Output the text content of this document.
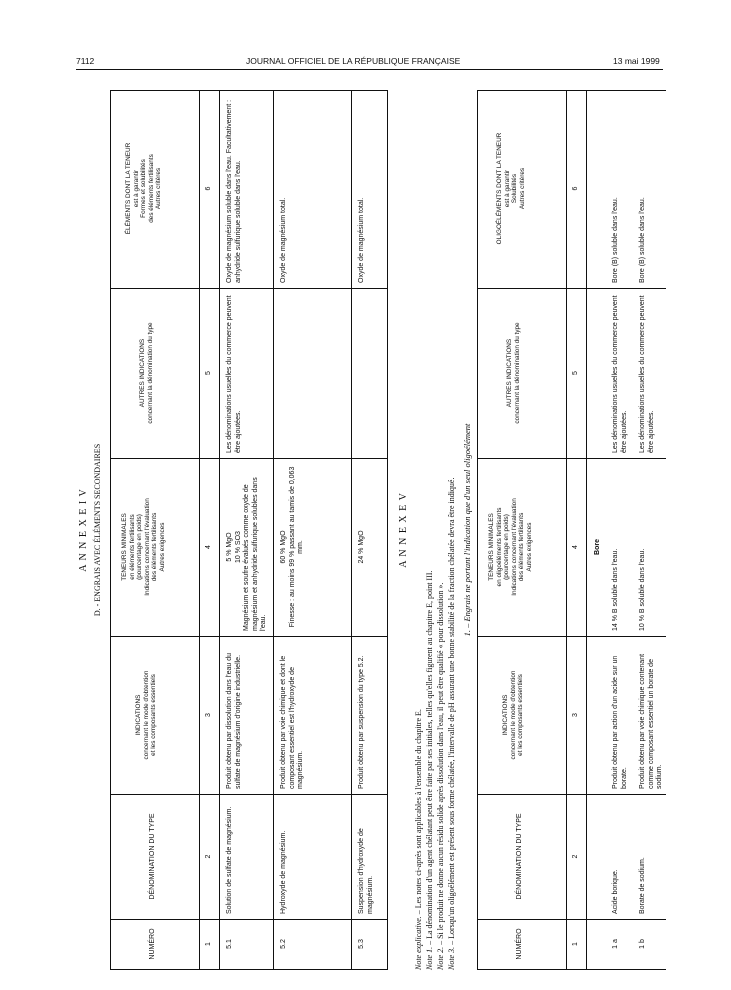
7112	JOURNAL OFFICIEL DE LA RÉPUBLIQUE FRANÇAISE	13 mai 1999
A N N E X E I V D. - ENGRAIS AVEC ÉLÉMENTS SECONDAIRES
NUMÉRO
DÉNOMINATION DU TYPE
INDICATIONS concernant le mode d'obtention et les composants essentiels
TENEURS MINIMALES en éléments fertilisants (pourcentage en poids) Indications concernant l'évaluation des éléments fertilisants Autres exigences
AUTRES INDICATIONS concernant la dénomination du type
ÉLÉMENTS DONT LA TENEUR est à garantir Formes et solubilités des éléments fertilisants Autres critères
1
2
3
4
5
6
5.1
Solution de sulfate de magnésium.
Produit obtenu par dissolution dans l'eau du sulfate de magnésium d'origine industrielle.
5 % MgO 10 % SO3 Magnésium et soufre évalués comme oxyde de magnésium et anhydride sulfurique solubles dans l'eau.
Les dénominations usuelles du commerce peuvent être ajoutées.
Oxyde de magnésium soluble dans l'eau. Facultativement : anhydride sulfurique soluble dans l'eau.
5.2
Hydroxyde de magnésium.
Produit obtenu par voie chimique et dont le composant essentiel est l'hydroxyde de magnésium.
60 % MgO Finesse : au moins 99 % passant au tamis de 0,063 mm.
Oxyde de magnésium total.
5.3
Suspension d'hydroxyde de magnésium.
Produit obtenu par suspension du type 5.2.
24 % MgO
Oxyde de magnésium total.
A N N E X E V
Note explicative. – Les notes ci-après sont applicables à l'ensemble du chapitre E.
Note 1. – La dénomination d'un agent chélatant peut être faite par ses initiales, telles qu'elles figurent au chapitre E, point III.
Note 2. – Si le produit ne donne aucun résidu solide après dissolution dans l'eau, il peut être qualifié « pour dissolution ».
Note 3. – Lorsqu'un oligoélément est présent sous forme chélatée, l'intervalle de pH assurant une bonne stabilité de la fraction chélatée devra être indiqué. 1. – Engrais ne portant l'indication que d'un seul oligoélément
NUMÉRO
DÉNOMINATION DU TYPE
INDICATIONS concernant le mode d'obtention et les composants essentiels
TENEURS MINIMALES en oligoéléments fertilisants (pourcentage en poids) Indications concernant l'évaluation des éléments fertilisants Autres exigences
AUTRES INDICATIONS concernant la dénomination du type
OLIGOÉLÉMENTS DONT LA TENEUR est à garantir Solubilités Autres critères
1
2
3
4
5
6
Bore
1 a
Acide borique.
Produit obtenu par action d'un acide sur un borate.
14 % B soluble dans l'eau.
Les dénominations usuelles du commerce peuvent être ajoutées.
Bore (B) soluble dans l'eau.
1 b
Borate de sodium.
Produit obtenu par voie chimique contenant comme composant essentiel un borate de sodium.
10 % B soluble dans l'eau.
Les dénominations usuelles du commerce peuvent être ajoutées.
Bore (B) soluble dans l'eau.
